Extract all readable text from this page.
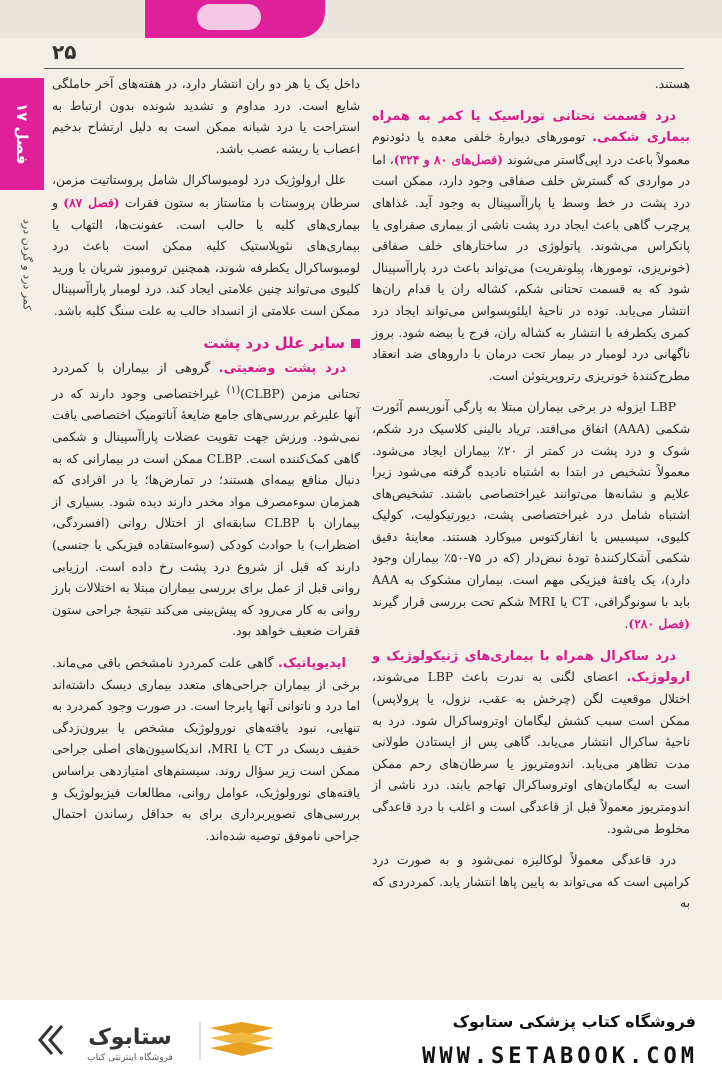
۲۵
فصل ۱۷
کمر درد و گردن درد

هستند.

درد قسمت تحتانی توراسیک یا کمر به همراه بیماری شکمی. تومورهای دیوارهٔ خلفی معده یا دئودنوم معمولاً باعث درد اپی‌گاستر می‌شوند (فصل‌های ۸۰ و ۳۲۴)، اما در مواردی که گسترش خلف صفاقی وجود دارد، ممکن است درد پشت در خط وسط یا پاراآسپینال به وجود آید. غذاهای پرچرب گاهی باعث ایجاد درد پشت ناشی از بیماری صفراوی یا پانکراس می‌شوند. پاتولوژی در ساختارهای خلف صفاقی (خونریزی، تومورها، پیلونفریت) می‌تواند باعث درد پاراآسپینال شود که به قسمت تحتانی شکم، کشاله ران یا قدام ران‌ها انتشار می‌یابد. توده در ناحیهٔ ایلئوپسواس می‌تواند ایجاد درد کمری یکطرفه با انتشار به کشاله ران، فرج یا بیضه شود. بروز ناگهانی درد لومبار در بیمار تحت درمان با داروهای ضد انعقاد مطرح‌کنندهٔ خونریزی رتروپریتوئن است.

LBP ایزوله در برخی بیماران مبتلا به پارگی آنوریسم آئورت شکمی (AAA) اتفاق می‌افتد. تریاد بالینی کلاسیک درد شکم، شوک و درد پشت در کمتر از ۲۰٪ بیماران ایجاد می‌شود. معمولاً تشخیص در ابتدا به اشتباه نادیده گرفته می‌شود زیرا علایم و نشانه‌ها می‌توانند غیراختصاصی باشند. تشخیص‌های اشتباه شامل درد غیراختصاصی پشت، دیورتیکولیت، کولیک کلیوی، سپسیس یا انفارکتوس میوکارد هستند. معاینهٔ دقیق شکمی آشکارکنندهٔ تودهٔ نبض‌دار (که در ۷۵-۵۰٪ بیماران وجود دارد)، یک یافتهٔ فیزیکی مهم است. بیماران مشکوک به AAA باید با سونوگرافی، CT یا MRI شکم تحت بررسی قرار گیرند (فصل ۲۸۰).

درد ساکرال همراه با بیماری‌های ژنیکولوژیک و ارولوژیک. اعضای لگنی به ندرت باعث LBP می‌شوند، اختلال موقعیت لگن (چرخش به عقب، نزول، یا پرولاپس) ممکن است سبب کشش لیگامان اوتروساکرال شود. درد به ناحیهٔ ساکرال انتشار می‌یابد. گاهی پس از ایستادن طولانی مدت تظاهر می‌یابد. اندومتریوز یا سرطان‌های رحم ممکن است به لیگامان‌های اوتروساکرال تهاجم یابند. درد ناشی از اندومتریوز معمولاً قبل از قاعدگی است و اغلب با درد قاعدگی مخلوط می‌شود.

درد قاعدگی معمولاً لوکالیزه نمی‌شود و به صورت درد کرامپی است که می‌تواند به پایین پاها انتشار یابد. کمردردی که به

داخل یک یا هر دو ران انتشار دارد، در هفته‌های آخر حاملگی شایع است. درد مداوم و تشدید شونده بدون ارتباط به استراحت یا درد شبانه ممکن است به دلیل ارتشاح بدخیم اعصاب یا ریشه عصب باشد.

علل ارولوژیک درد لومبوساکرال شامل پروستاتیت مزمن، سرطان پروستات با متاستاز به ستون فقرات (فصل ۸۷) و بیماری‌های کلیه یا حالب است. عفونت‌ها، التهاب یا بیماری‌های نئوپلاستیک کلیه ممکن است باعث درد لومبوساکرال یکطرفه شوند، همچنین ترومبوز شریان یا ورید کلیوی می‌تواند چنین علامتی ایجاد کند. درد لومبار پاراآسپینال ممکن است علامتی از انسداد حالب به علت سنگ کلیه باشد.

سایر علل درد پشت

درد پشت وضعیتی. گروهی از بیماران با کمردرد تحتانی مزمن (CLBP)$^{(۱)}$ غیراختصاصی وجود دارند که در آنها علیرغم بررسی‌های جامع ضایعهٔ آناتومیک اختصاصی یافت نمی‌شود. ورزش جهت تقویت عضلات پاراآسپینال و شکمی گاهی کمک‌کننده است. CLBP ممکن است در بیمارانی که به دنبال منافع بیمه‌ای هستند؛ در تمارض‌ها؛ یا در افرادی که همزمان سوءمصرف مواد مخدر دارند دیده شود. بسیاری از بیماران با CLBP سابقه‌ای از اختلال روانی (افسردگی، اضطراب) یا حوادث کودکی (سوءاستفاده فیزیکی یا جنسی) دارند که قبل از شروع درد پشت رخ داده است. ارزیابی روانی قبل از عمل برای بررسی بیماران مبتلا به اختلالات بارز روانی به کار می‌رود که پیش‌بینی می‌کند نتیجهٔ جراحی ستون فقرات ضعیف خواهد بود.

ایدیوپاتیک. گاهی علت کمردرد نامشخص باقی می‌ماند. برخی از بیماران جراحی‌های متعدد بیماری دیسک داشته‌اند اما درد و ناتوانی آنها پابرجا است. در صورت وجود کمردرد به تنهایی، نبود یافته‌های نورولوژیک مشخص یا بیرون‌زدگی خفیف دیسک در CT یا MRI، اندیکاسیون‌های اصلی جراحی ممکن است زیر سؤال روند. سیستم‌های امتیازدهی براساس یافته‌های نورولوژیک، عوامل روانی، مطالعات فیزیولوژیک و بررسی‌های تصویربرداری برای به حداقل رساندن احتمال جراحی ناموفق توصیه شده‌اند.

ستابوک
فروشگاه اینترنتی کتاب
فروشگاه کتاب پزشکی ستابوک
WWW.SETABOOK.COM
